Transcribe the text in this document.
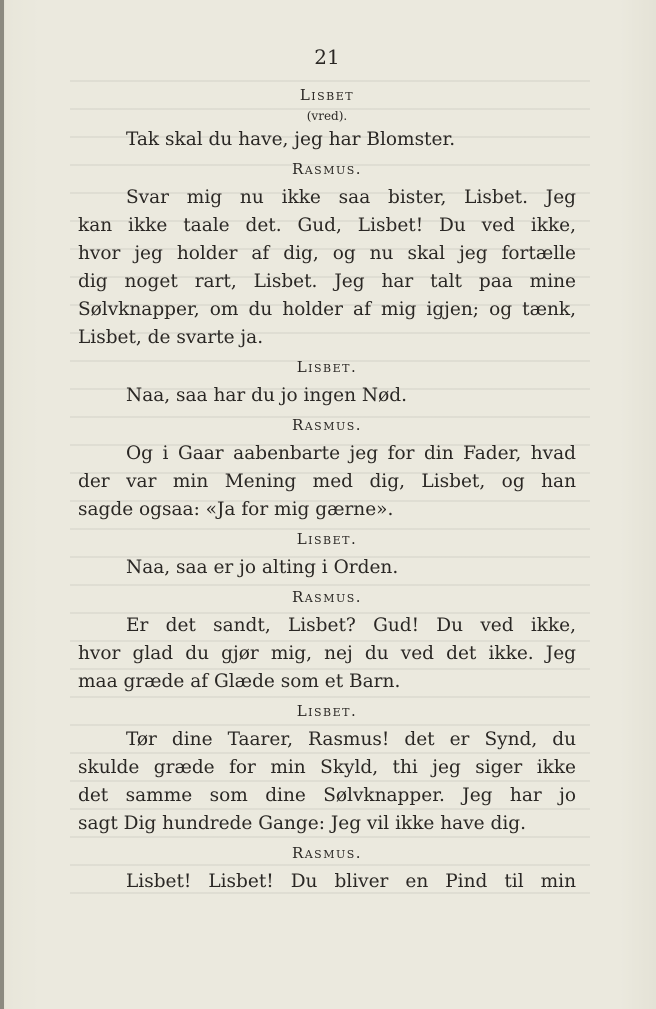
21
Lisbet
(vred).
Tak skal du have, jeg har Blomster.
Rasmus.
Svar mig nu ikke saa bister, Lisbet. Jeg
kan ikke taale det. Gud, Lisbet! Du ved ikke,
hvor jeg holder af dig, og nu skal jeg fortælle
dig noget rart, Lisbet. Jeg har talt paa mine
Sølvknapper, om du holder af mig igjen; og tænk,
Lisbet, de svarte ja.
Lisbet.
Naa, saa har du jo ingen Nød.
Rasmus.
Og i Gaar aabenbarte jeg for din Fader, hvad
der var min Mening med dig, Lisbet, og han
sagde ogsaa: «Ja for mig gærne».
Lisbet.
Naa, saa er jo alting i Orden.
Rasmus.
Er det sandt, Lisbet? Gud! Du ved ikke,
hvor glad du gjør mig, nej du ved det ikke. Jeg
maa græde af Glæde som et Barn.
Lisbet.
Tør dine Taarer, Rasmus! det er Synd, du
skulde græde for min Skyld, thi jeg siger ikke
det samme som dine Sølvknapper. Jeg har jo
sagt Dig hundrede Gange: Jeg vil ikke have dig.
Rasmus.
Lisbet! Lisbet! Du bliver en Pind til min
